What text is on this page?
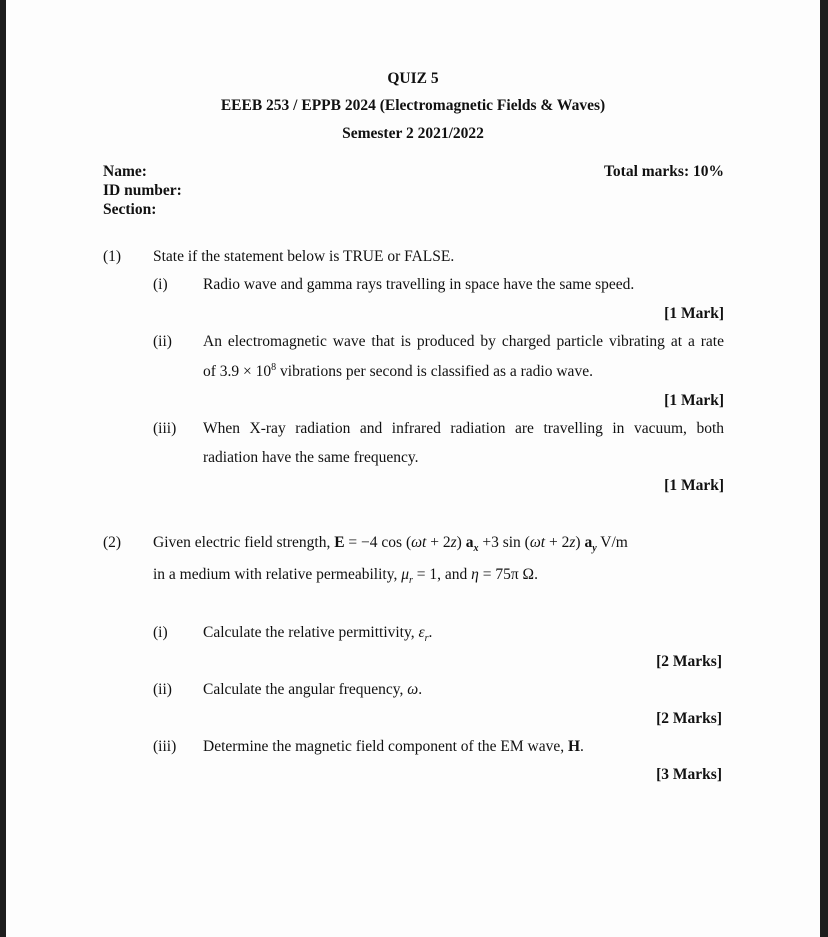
QUIZ 5
EEEB 253 / EPPB 2024 (Electromagnetic Fields & Waves)
Semester 2 2021/2022
Name:
ID number:
Section:
Total marks: 10%
(1) State if the statement below is TRUE or FALSE.
(i) Radio wave and gamma rays travelling in space have the same speed.
[1 Mark]
(ii) An electromagnetic wave that is produced by charged particle vibrating at a rate
of $3.9 \times 10^8$ vibrations per second is classified as a radio wave.
[1 Mark]
(iii) When X-ray radiation and infrared radiation are travelling in vacuum, both
radiation have the same frequency.
[1 Mark]
(2) Given electric field strength, E = −4 cos (ωt + 2z) $a_x +3$ sin (ωt + 2z) $a_y$ V/m
in a medium with relative permeability, $\mu_r = 1$, and η = 75π Ω.
(i) Calculate the relative permittivity, $\varepsilon_r$.
[2 Marks]
(ii) Calculate the angular frequency, ω.
[2 Marks]
(iii) Determine the magnetic field component of the EM wave, H.
[3 Marks]
